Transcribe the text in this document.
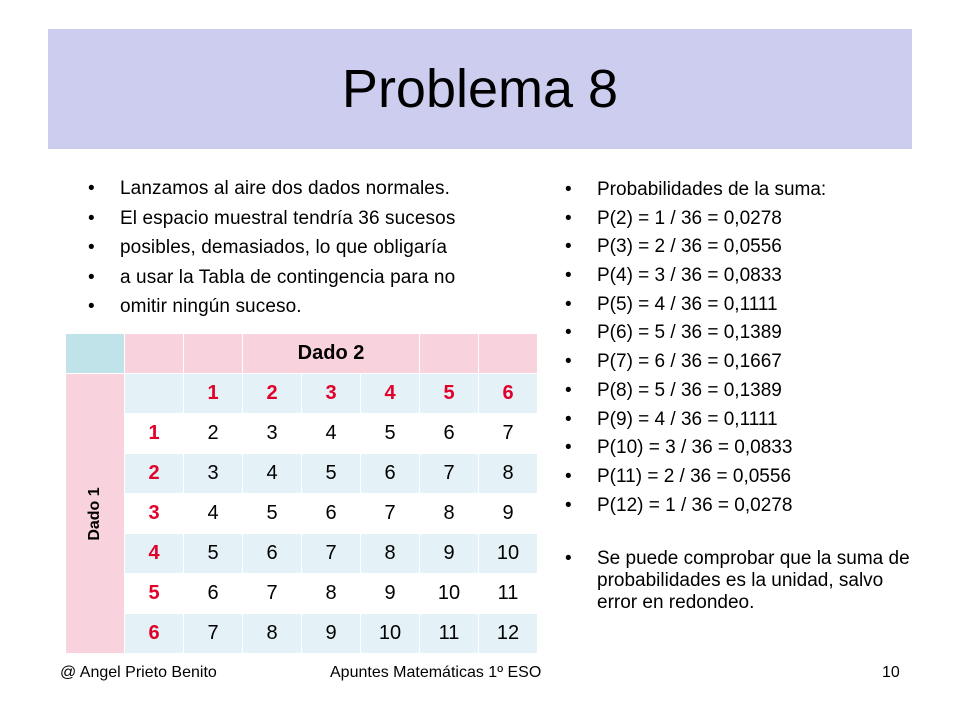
Problema 8
• Lanzamos al aire dos dados normales.
• El espacio muestral tendría 36 sucesos
• posibles, demasiados, lo que obligaría
• a usar la Tabla de contingencia para no
• omitir ningún suceso.
• Probabilidades de la suma:
• P(2) = 1 / 36 = 0,0278
• P(3) = 2 / 36 = 0,0556
• P(4) = 3 / 36 = 0,0833
• P(5) = 4 / 36 = 0,1111
• P(6) = 5 / 36 = 0,1389
• P(7) = 6 / 36 = 0,1667
• P(8) = 5 / 36 = 0,1389
• P(9) = 4 / 36 = 0,1111
• P(10) = 3 / 36 = 0,0833
• P(11) = 2 / 36 = 0,0556
• P(12) = 1 / 36 = 0,0278
• Se puede comprobar que la suma de probabilidades es la unidad, salvo error en redondeo.
			Dado 2				

Dado 1		1	2	3	4	5	6
	1	2	3	4	5	6	7
	2	3	4	5	6	7	8
	3	4	5	6	7	8	9
	4	5	6	7	8	9	10
	5	6	7	8	9	10	11
	6	7	8	9	10	11	12
@ Angel Prieto Benito	Apuntes Matemáticas 1º ESO	10
